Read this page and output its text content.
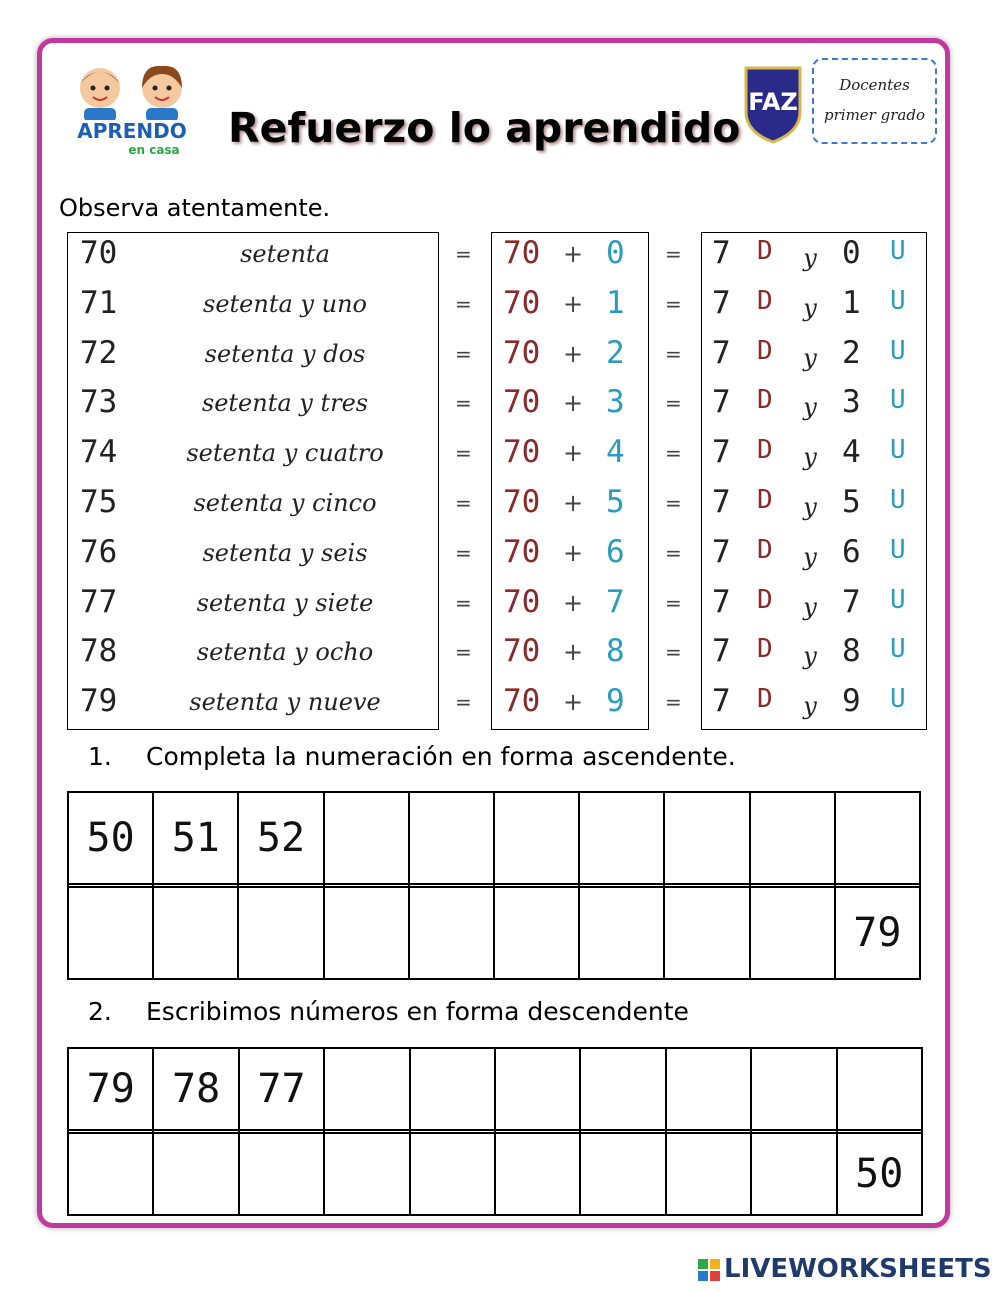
APRENDO
en casa Refuerzo lo aprendido
FAZ
Docentes
primer grado
Observa atentamente.
70	setenta	= 70 + 0 = 7 D y 0 U
71	setenta y uno	= 70 + 1 = 7 D y 1 U
72	setenta y dos	= 70 + 2 = 7 D y 2 U
73	setenta y tres	= 70 + 3 = 7 D y 3 U
74	setenta y cuatro	= 70 + 4 = 7 D y 4 U
75	setenta y cinco	= 70 + 5 = 7 D y 5 U
76	setenta y seis	= 70 + 6 = 7 D y 6 U
77	setenta y siete	= 70 + 7 = 7 D y 7 U
78	setenta y ocho	= 70 + 8 = 7 D y 8 U
79	setenta y nueve	= 70 + 9 = 7 D y 9 U
1. Completa la numeración en forma ascendente.
50	51	52							

									79
2. Escribimos números en forma descendente
79	78	77							

									50
LIVEWORKSHEETS
